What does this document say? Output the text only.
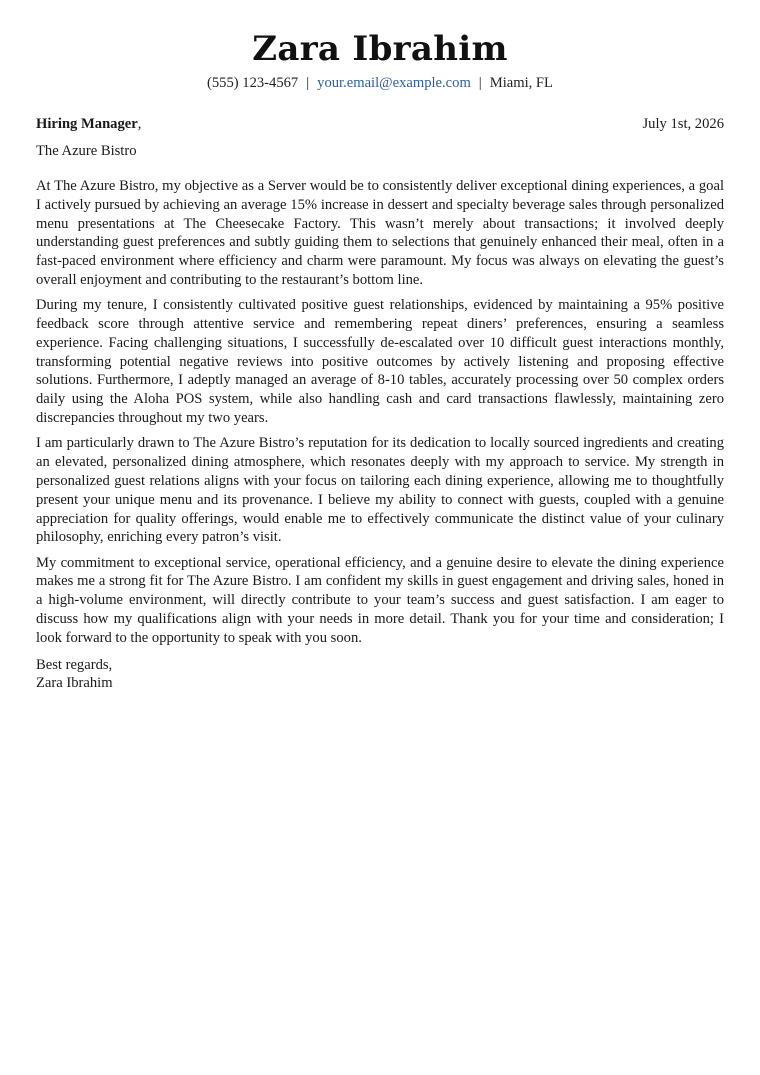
Zara Ibrahim
(555) 123-4567 | your.email@example.com | Miami, FL
Hiring Manager,	July 1st, 2026
The Azure Bistro

At The Azure Bistro, my objective as a Server would be to consistently deliver exceptional dining experiences, a goal I actively pursued by achieving an average 15% increase in dessert and specialty beverage sales through personalized menu presentations at The Cheesecake Factory. This wasn’t merely about transactions; it involved deeply understanding guest preferences and subtly guiding them to selections that genuinely enhanced their meal, often in a fast-paced environment where efficiency and charm were paramount. My focus was always on elevating the guest’s overall enjoyment and contributing to the restaurant’s bottom line.

During my tenure, I consistently cultivated positive guest relationships, evidenced by maintaining a 95% positive feedback score through attentive service and remembering repeat diners’ preferences, ensuring a seamless experience. Facing challenging situations, I successfully de-escalated over 10 difficult guest interactions monthly, transforming potential negative reviews into positive outcomes by actively listening and proposing effective solutions. Furthermore, I adeptly managed an average of 8-10 tables, accurately processing over 50 complex orders daily using the Aloha POS system, while also handling cash and card transactions flawlessly, maintaining zero discrepancies throughout my two years.

I am particularly drawn to The Azure Bistro’s reputation for its dedication to locally sourced ingredients and creating an elevated, personalized dining atmosphere, which resonates deeply with my approach to service. My strength in personalized guest relations aligns with your focus on tailoring each dining experience, allowing me to thoughtfully present your unique menu and its provenance. I believe my ability to connect with guests, coupled with a genuine appreciation for quality offerings, would enable me to effectively communicate the distinct value of your culinary philosophy, enriching every patron’s visit.

My commitment to exceptional service, operational efficiency, and a genuine desire to elevate the dining experience makes me a strong fit for The Azure Bistro. I am confident my skills in guest engagement and driving sales, honed in a high-volume environment, will directly contribute to your team’s success and guest satisfaction. I am eager to discuss how my qualifications align with your needs in more detail. Thank you for your time and consideration; I look forward to the opportunity to speak with you soon.

Best regards,
Zara Ibrahim
